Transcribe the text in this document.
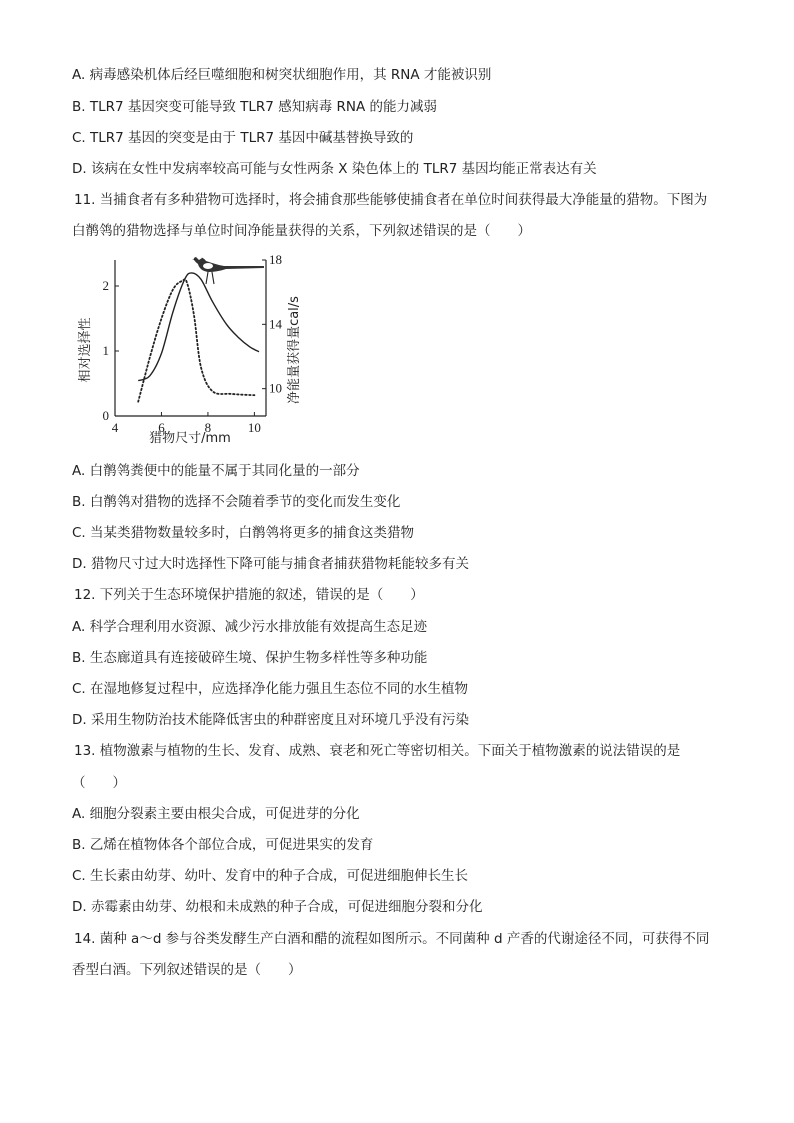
A. 病毒感染机体后经巨噬细胞和树突状细胞作用，其 RNA 才能被识别
B. TLR7 基因突变可能导致 TLR7 感知病毒 RNA 的能力减弱
C. TLR7 基因的突变是由于 TLR7 基因中碱基替换导致的
D. 该病在女性中发病率较高可能与女性两条 X 染色体上的 TLR7 基因均能正常表达有关
11. 当捕食者有多种猎物可选择时，将会捕食那些能够使捕食者在单位时间获得最大净能量的猎物。下图为
白鹡鸰的猎物选择与单位时间净能量获得的关系，下列叙述错误的是（　　）
4	6	8	10
0
1
2
10
14
18
猎物尺寸/mm
相对选择性	净能量获得量cal/s
A. 白鹡鸰粪便中的能量不属于其同化量的一部分
B. 白鹡鸰对猎物的选择不会随着季节的变化而发生变化
C. 当某类猎物数量较多时，白鹡鸰将更多的捕食这类猎物
D. 猎物尺寸过大时选择性下降可能与捕食者捕获猎物耗能较多有关
12. 下列关于生态环境保护措施的叙述，错误的是（　　）
A. 科学合理利用水资源、减少污水排放能有效提高生态足迹
B. 生态廊道具有连接破碎生境、保护生物多样性等多种功能
C. 在湿地修复过程中，应选择净化能力强且生态位不同的水生植物
D. 采用生物防治技术能降低害虫的种群密度且对环境几乎没有污染
13. 植物激素与植物的生长、发育、成熟、衰老和死亡等密切相关。下面关于植物激素的说法错误的是
（　　）
A. 细胞分裂素主要由根尖合成，可促进芽的分化
B. 乙烯在植物体各个部位合成，可促进果实的发育
C. 生长素由幼芽、幼叶、发育中的种子合成，可促进细胞伸长生长
D. 赤霉素由幼芽、幼根和未成熟的种子合成，可促进细胞分裂和分化
14. 菌种 a～d 参与谷类发酵生产白酒和醋的流程如图所示。不同菌种 d 产香的代谢途径不同，可获得不同
香型白酒。下列叙述错误的是（　　）
